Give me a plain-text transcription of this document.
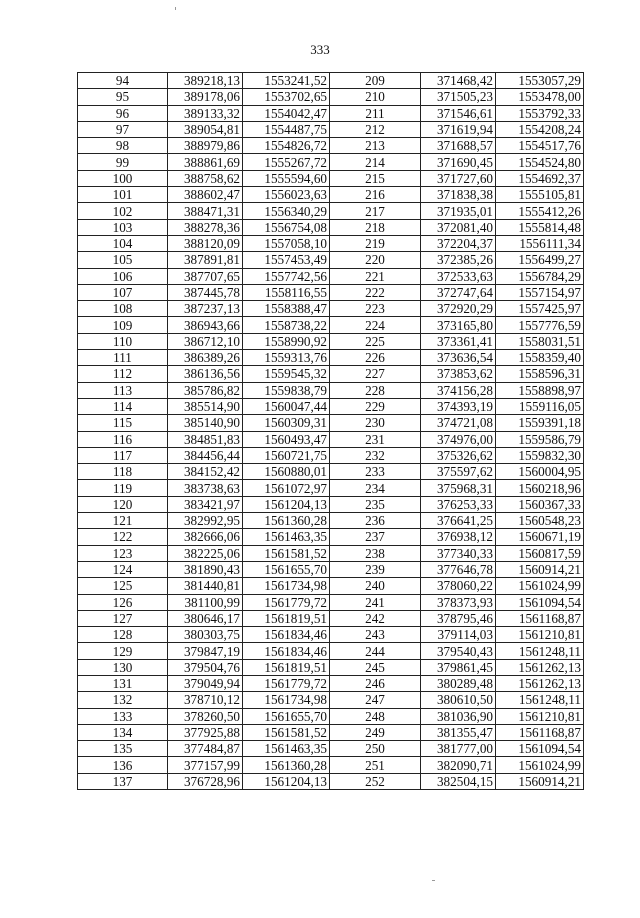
333
94	389218,13	1553241,52	209	371468,42	1553057,29
95	389178,06	1553702,65	210	371505,23	1553478,00
96	389133,32	1554042,47	211	371546,61	1553792,33
97	389054,81	1554487,75	212	371619,94	1554208,24
98	388979,86	1554826,72	213	371688,57	1554517,76
99	388861,69	1555267,72	214	371690,45	1554524,80
100	388758,62	1555594,60	215	371727,60	1554692,37
101	388602,47	1556023,63	216	371838,38	1555105,81
102	388471,31	1556340,29	217	371935,01	1555412,26
103	388278,36	1556754,08	218	372081,40	1555814,48
104	388120,09	1557058,10	219	372204,37	1556111,34
105	387891,81	1557453,49	220	372385,26	1556499,27
106	387707,65	1557742,56	221	372533,63	1556784,29
107	387445,78	1558116,55	222	372747,64	1557154,97
108	387237,13	1558388,47	223	372920,29	1557425,97
109	386943,66	1558738,22	224	373165,80	1557776,59
110	386712,10	1558990,92	225	373361,41	1558031,51
111	386389,26	1559313,76	226	373636,54	1558359,40
112	386136,56	1559545,32	227	373853,62	1558596,31
113	385786,82	1559838,79	228	374156,28	1558898,97
114	385514,90	1560047,44	229	374393,19	1559116,05
115	385140,90	1560309,31	230	374721,08	1559391,18
116	384851,83	1560493,47	231	374976,00	1559586,79
117	384456,44	1560721,75	232	375326,62	1559832,30
118	384152,42	1560880,01	233	375597,62	1560004,95
119	383738,63	1561072,97	234	375968,31	1560218,96
120	383421,97	1561204,13	235	376253,33	1560367,33
121	382992,95	1561360,28	236	376641,25	1560548,23
122	382666,06	1561463,35	237	376938,12	1560671,19
123	382225,06	1561581,52	238	377340,33	1560817,59
124	381890,43	1561655,70	239	377646,78	1560914,21
125	381440,81	1561734,98	240	378060,22	1561024,99
126	381100,99	1561779,72	241	378373,93	1561094,54
127	380646,17	1561819,51	242	378795,46	1561168,87
128	380303,75	1561834,46	243	379114,03	1561210,81
129	379847,19	1561834,46	244	379540,43	1561248,11
130	379504,76	1561819,51	245	379861,45	1561262,13
131	379049,94	1561779,72	246	380289,48	1561262,13
132	378710,12	1561734,98	247	380610,50	1561248,11
133	378260,50	1561655,70	248	381036,90	1561210,81
134	377925,88	1561581,52	249	381355,47	1561168,87
135	377484,87	1561463,35	250	381777,00	1561094,54
136	377157,99	1561360,28	251	382090,71	1561024,99
137	376728,96	1561204,13	252	382504,15	1560914,21
